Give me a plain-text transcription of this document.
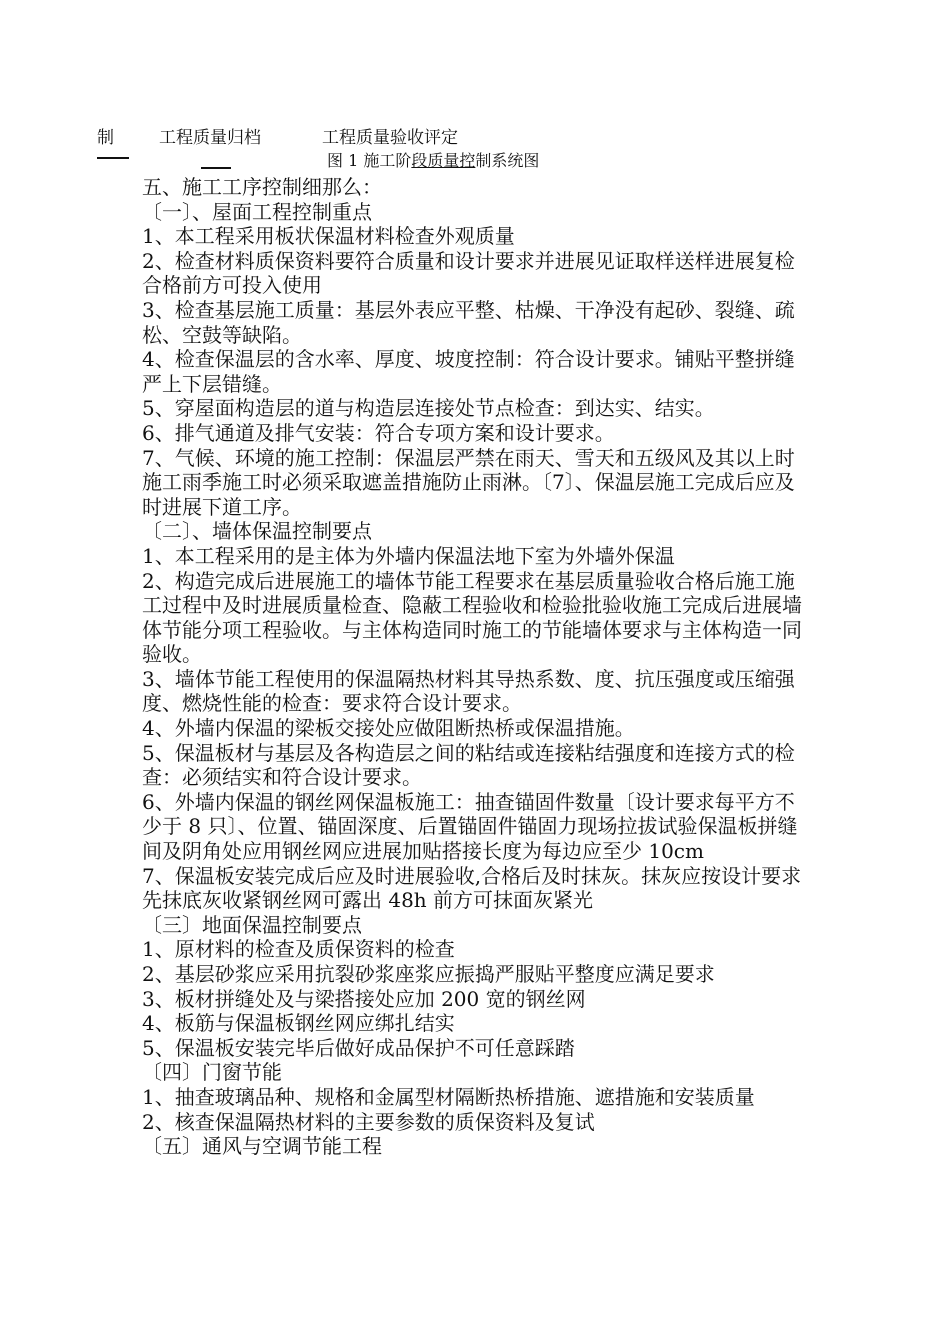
制	工程质量归档	工程质量验收评定
图 1 施工阶段质量控制系统图

五、施工工序控制细那么：

〔一〕、屋面工程控制重点

1、本工程采用板状保温材料检查外观质量

2、检查材料质保资料要符合质量和设计要求并进展见证取样送样进展复检合格前方可投入使用

3、检查基层施工质量：基层外表应平整、枯燥、干净没有起砂、裂缝、疏松、空鼓等缺陷。

4、检查保温层的含水率、厚度、坡度控制：符合设计要求。铺贴平整拼缝严上下层错缝。

5、穿屋面构造层的道与构造层连接处节点检查：到达实、结实。

6、排气通道及排气安装：符合专项方案和设计要求。

7、气候、环境的施工控制：保温层严禁在雨天、雪天和五级风及其以上时施工雨季施工时必须采取遮盖措施防止雨淋。〔7〕、保温层施工完成后应及时进展下道工序。

〔二〕、墙体保温控制要点

1、本工程采用的是主体为外墙内保温法地下室为外墙外保温

2、构造完成后进展施工的墙体节能工程要求在基层质量验收合格后施工施工过程中及时进展质量检查、隐蔽工程验收和检验批验收施工完成后进展墙体节能分项工程验收。与主体构造同时施工的节能墙体要求与主体构造一同验收。

3、墙体节能工程使用的保温隔热材料其导热系数、度、抗压强度或压缩强度、燃烧性能的检查：要求符合设计要求。

4、外墙内保温的梁板交接处应做阻断热桥或保温措施。

5、保温板材与基层及各构造层之间的粘结或连接粘结强度和连接方式的检查：必须结实和符合设计要求。

6、外墙内保温的钢丝网保温板施工：抽查锚固件数量〔设计要求每平方不少于 8 只〕、位置、锚固深度、后置锚固件锚固力现场拉拔试验保温板拼缝间及阴角处应用钢丝网应进展加贴搭接长度为每边应至少 10cm

7、保温板安装完成后应及时进展验收,合格后及时抹灰。抹灰应按设计要求先抹底灰收紧钢丝网可露出 48h 前方可抹面灰紧光

〔三〕地面保温控制要点

1、原材料的检查及质保资料的检查

2、基层砂浆应采用抗裂砂浆座浆应振捣严服贴平整度应满足要求

3、板材拼缝处及与梁搭接处应加 200 宽的钢丝网

4、板筋与保温板钢丝网应绑扎结实

5、保温板安装完毕后做好成品保护不可任意踩踏

〔四〕门窗节能

1、抽查玻璃品种、规格和金属型材隔断热桥措施、遮措施和安装质量

2、核查保温隔热材料的主要参数的质保资料及复试

〔五〕通风与空调节能工程
